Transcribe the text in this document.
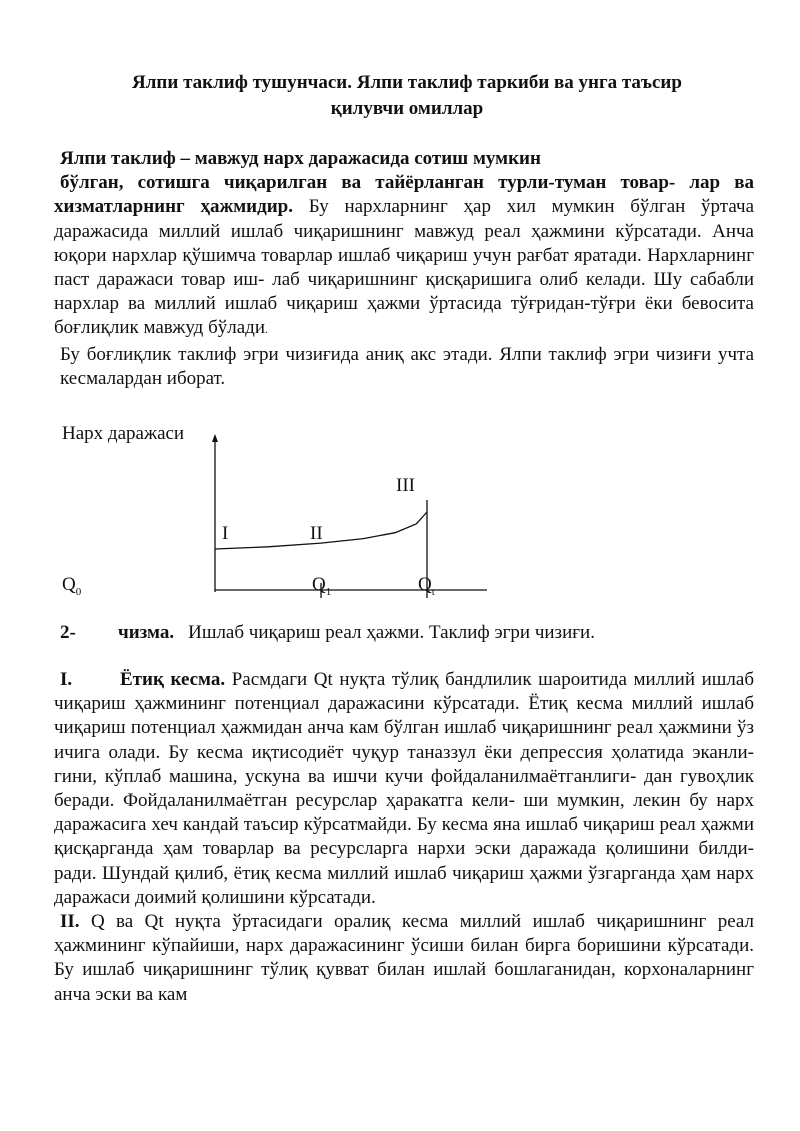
Ялпи таклиф тушунчаси. Ялпи таклиф таркиби ва унга таъсир
қилувчи омиллар

Ялпи таклиф – мавжуд нарх даражасида сотиш мумкин
бўлган, сотишга чиқарилган ва тайёрланган турли-туман товар- лар ва хизматларнинг ҳажмидир. Бу нархларнинг ҳар хил мумкин бўлган ўртача даражасида миллий ишлаб чиқаришнинг мавжуд реал ҳажмини кўрсатади. Анча юқори нархлар қўшимча товарлар ишлаб чиқариш учун рағбат яратади. Нархларнинг паст даражаси товар иш- лаб чиқаришнинг қисқаришига олиб келади. Шу сабабли нархлар ва миллий ишлаб чиқариш ҳажми ўртасида тўғридан-тўғри ёки бевосита боғлиқлик мавжуд бўлади.

Бу боғлиқлик таклиф эгри чизиғида аниқ акс этади. Ялпи таклиф эгри чизиғи учта кесмалардан иборат.

Нарх даражаси
I	II
III
$Q_0$	$Q_1$	$Q_t$
2- чизма. Ишлаб чиқариш реал ҳажми. Таклиф эгри чизиғи.

I.	Ётиқ кесма. Расмдаги Qt нуқта тўлиқ бандлилик шароитида миллий ишлаб чиқариш ҳажмининг потенциал даражасини кўрсатади. Ётиқ кесма миллий ишлаб чиқариш потенциал ҳажмидан анча кам бўлган ишлаб чиқаришнинг реал ҳажмини ўз ичига олади. Бу кесма иқтисодиёт чуқур таназзул ёки депрессия ҳолатида эканли- гини, кўплаб машина, ускуна ва ишчи кучи фойдаланилмаётганлиги- дан гувоҳлик беради. Фойдаланилмаётган ресурслар ҳаракатга кели- ши мумкин, лекин бу нарх даражасига хеч кандай таъсир кўрсатмайди. Бу кесма яна ишлаб чиқариш реал ҳажми қисқарганда ҳам товарлар ва ресурсларга нархи эски даражада қолишини билди- ради. Шундай қилиб, ётиқ кесма миллий ишлаб чиқариш ҳажми ўзгарганда ҳам нарх даражаси доимий қолишини кўрсатади.

II. Q ва Qt нуқта ўртасидаги оралиқ кесма миллий ишлаб чиқаришнинг реал ҳажмининг кўпайиши, нарх даражасининг ўсиши билан бирга боришини кўрсатади. Бу ишлаб чиқаришнинг тўлиқ қувват билан ишлай бошлаганидан, корхоналарнинг анча эски ва кам
